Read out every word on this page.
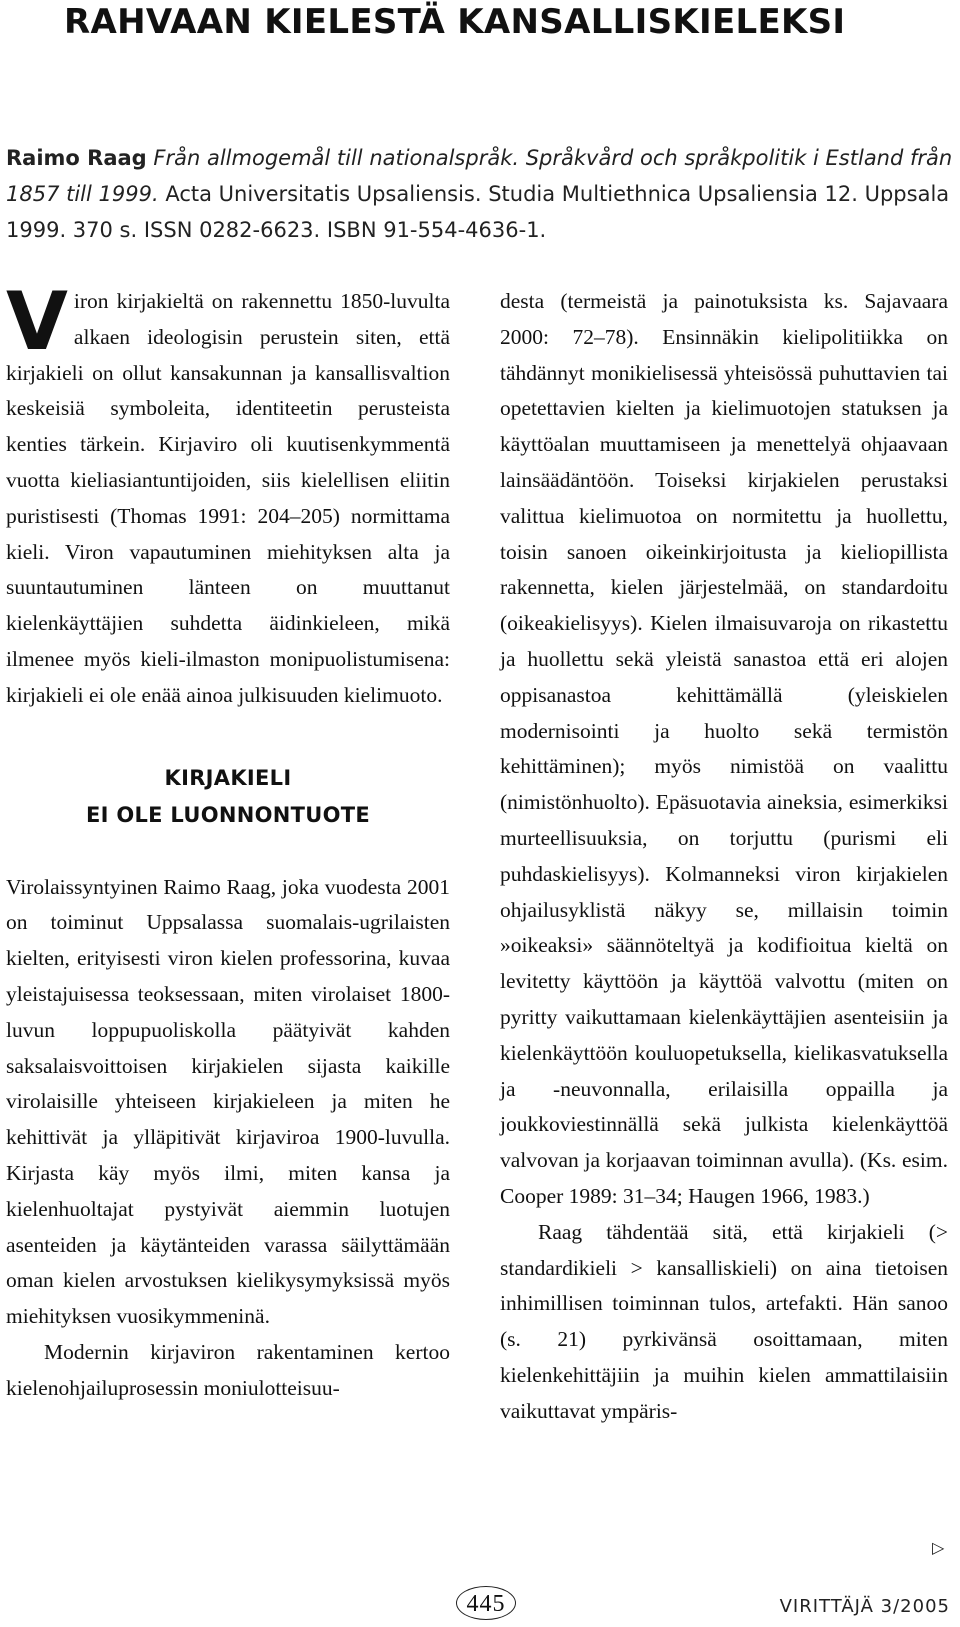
RAHVAAN KIELESTÄ KANSALLISKIELEKSI

Raimo Raag Från allmogemål till nationalspråk. Språkvård och språkpolitik i Estland från 1857 till 1999. Acta Universitatis Upsaliensis. Studia Multiethnica Upsaliensia 12. Uppsala 1999. 370 s. ISSN 0282-6623. ISBN 91-554-4636-1.

Viron kirjakieltä on rakennettu 1850-luvulta alkaen ideologisin perustein siten, että kirjakieli on ollut kansakunnan ja kansallisvaltion keskeisiä symboleita, identiteetin perusteista kenties tärkein. Kirjaviro oli kuutisenkymmentä vuotta kieliasiantuntijoiden, siis kielellisen eliitin puristisesti (Thomas 1991: 204–205) normittama kieli. Viron vapautuminen miehityksen alta ja suuntautuminen länteen on muuttanut kielenkäyttäjien suhdetta äidinkieleen, mikä ilmenee myös kieli-ilmaston monipuolistumisena: kirjakieli ei ole enää ainoa julkisuuden kielimuoto.

KIRJAKIELI
EI OLE LUONNONTUOTE

Virolaissyntyinen Raimo Raag, joka vuodesta 2001 on toiminut Uppsalassa suomalais-ugrilaisten kielten, erityisesti viron kielen professorina, kuvaa yleistajuisessa teoksessaan, miten virolaiset 1800-luvun loppupuoliskolla päätyivät kahden saksalaisvoittoisen kirjakielen sijasta kaikille virolaisille yhteiseen kirjakieleen ja miten he kehittivät ja ylläpitivät kirjaviroa 1900-luvulla. Kirjasta käy myös ilmi, miten kansa ja kielenhuoltajat pystyivät aiemmin luotujen asenteiden ja käytänteiden varassa säilyttämään oman kielen arvostuksen kielikysymyksissä myös miehityksen vuosikymmeninä.

Modernin kirjaviron rakentaminen kertoo kielenohjailuprosessin moniulotteisuu-

desta (termeistä ja painotuksista ks. Sajavaara 2000: 72–78). Ensinnäkin kielipolitiikka on tähdännyt monikielisessä yhteisössä puhuttavien tai opetettavien kielten ja kielimuotojen statuksen ja käyttöalan muuttamiseen ja menettelyä ohjaavaan lainsäädäntöön. Toiseksi kirjakielen perustaksi valittua kielimuotoa on normitettu ja huollettu, toisin sanoen oikeinkirjoitusta ja kieliopillista rakennetta, kielen järjestelmää, on standardoitu (oikeakielisyys). Kielen ilmaisuvaroja on rikastettu ja huollettu sekä yleistä sanastoa että eri alojen oppisanastoa kehittämällä (yleiskielen modernisointi ja huolto sekä termistön kehittäminen); myös nimistöä on vaalittu (nimistönhuolto). Epäsuotavia aineksia, esimerkiksi murteellisuuksia, on torjuttu (purismi eli puhdaskielisyys). Kolmanneksi viron kirjakielen ohjailusyklistä näkyy se, millaisin toimin »oikeaksi» säännöteltyä ja kodifioitua kieltä on levitetty käyttöön ja käyttöä valvottu (miten on pyritty vaikuttamaan kielenkäyttäjien asenteisiin ja kielenkäyttöön kouluopetuksella, kielikasvatuksella ja -neuvonnalla, erilaisilla oppailla ja joukkoviestinnällä sekä julkista kielenkäyttöä valvovan ja korjaavan toiminnan avulla). (Ks. esim. Cooper 1989: 31–34; Haugen 1966, 1983.)

Raag tähdentää sitä, että kirjakieli (> standardikieli > kansalliskieli) on aina tietoisen inhimillisen toiminnan tulos, artefakti. Hän sanoo (s. 21) pyrkivänsä osoittamaan, miten kielenkehittäjiin ja muihin kielen ammattilaisiin vaikuttavat ympäris-

▷
445	VIRITTÄJÄ 3/2005
